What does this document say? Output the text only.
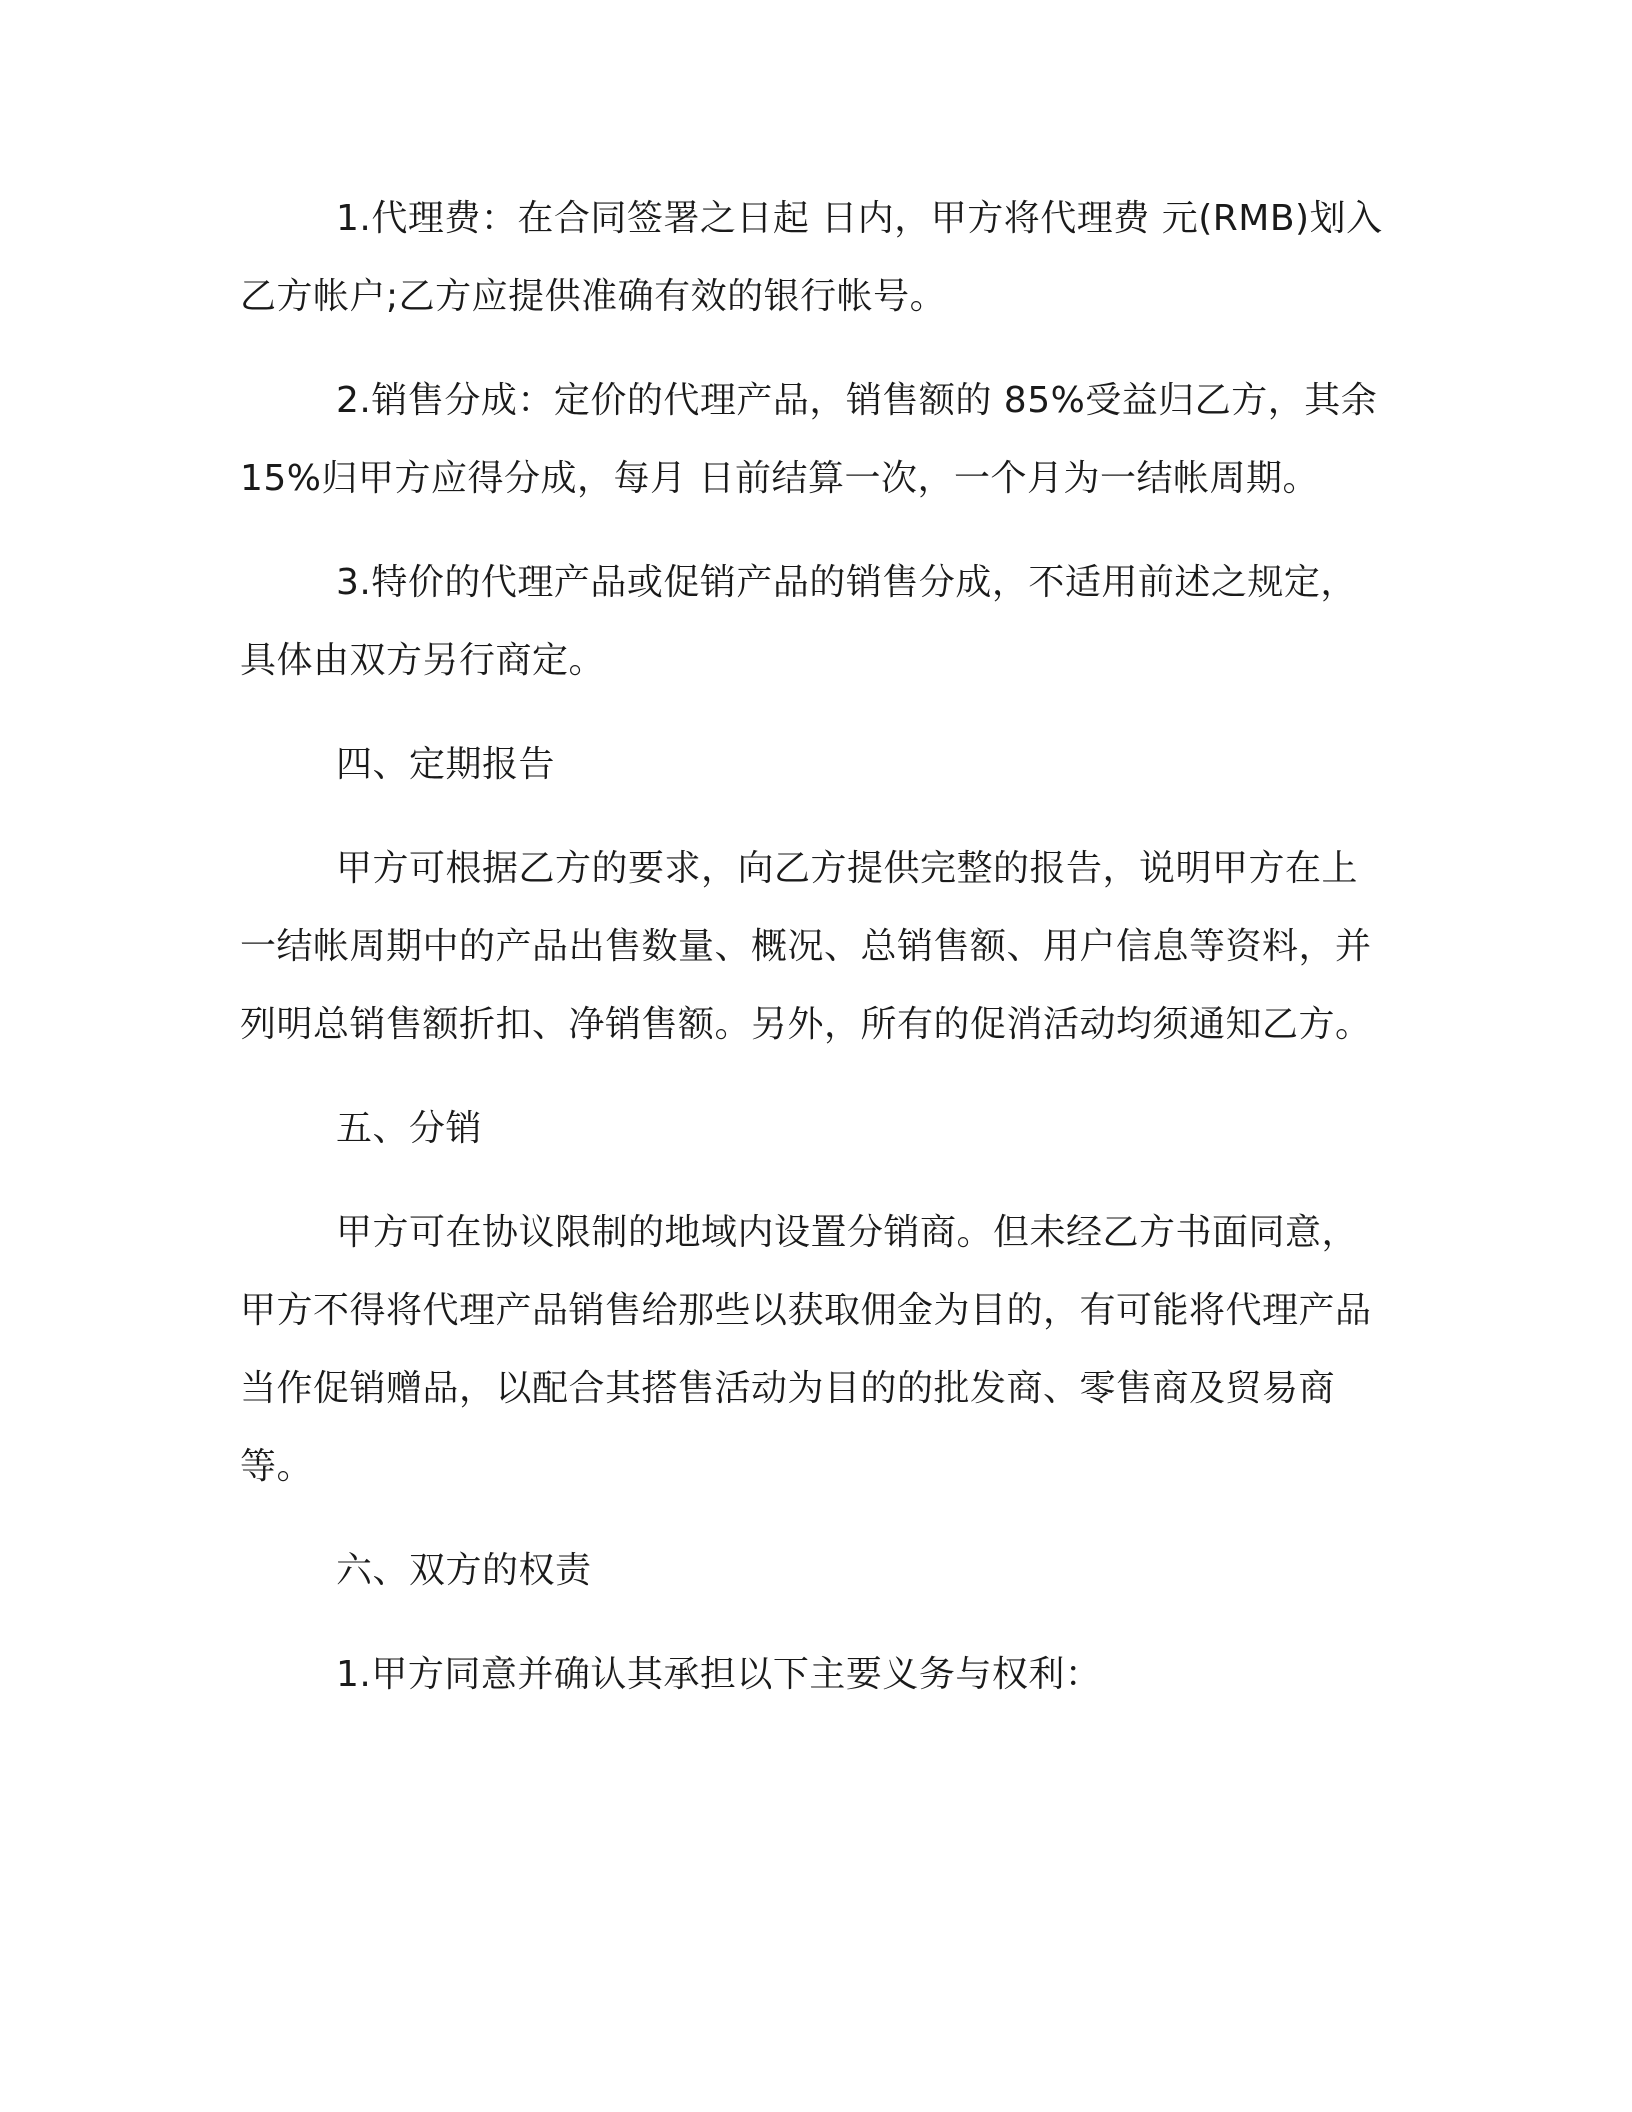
1.代理费：在合同签署之日起 日内，甲方将代理费 元(RMB)划入乙方帐户;乙方应提供准确有效的银行帐号。

2.销售分成：定价的代理产品，销售额的 85%受益归乙方，其余15%归甲方应得分成，每月 日前结算一次，一个月为一结帐周期。

3.特价的代理产品或促销产品的销售分成，不适用前述之规定，具体由双方另行商定。

四、定期报告

甲方可根据乙方的要求，向乙方提供完整的报告，说明甲方在上一结帐周期中的产品出售数量、概况、总销售额、用户信息等资料，并列明总销售额折扣、净销售额。另外，所有的促消活动均须通知乙方。

五、分销

甲方可在协议限制的地域内设置分销商。但未经乙方书面同意，甲方不得将代理产品销售给那些以获取佣金为目的，有可能将代理产品当作促销赠品，以配合其搭售活动为目的的批发商、零售商及贸易商等。

六、双方的权责

1.甲方同意并确认其承担以下主要义务与权利：
